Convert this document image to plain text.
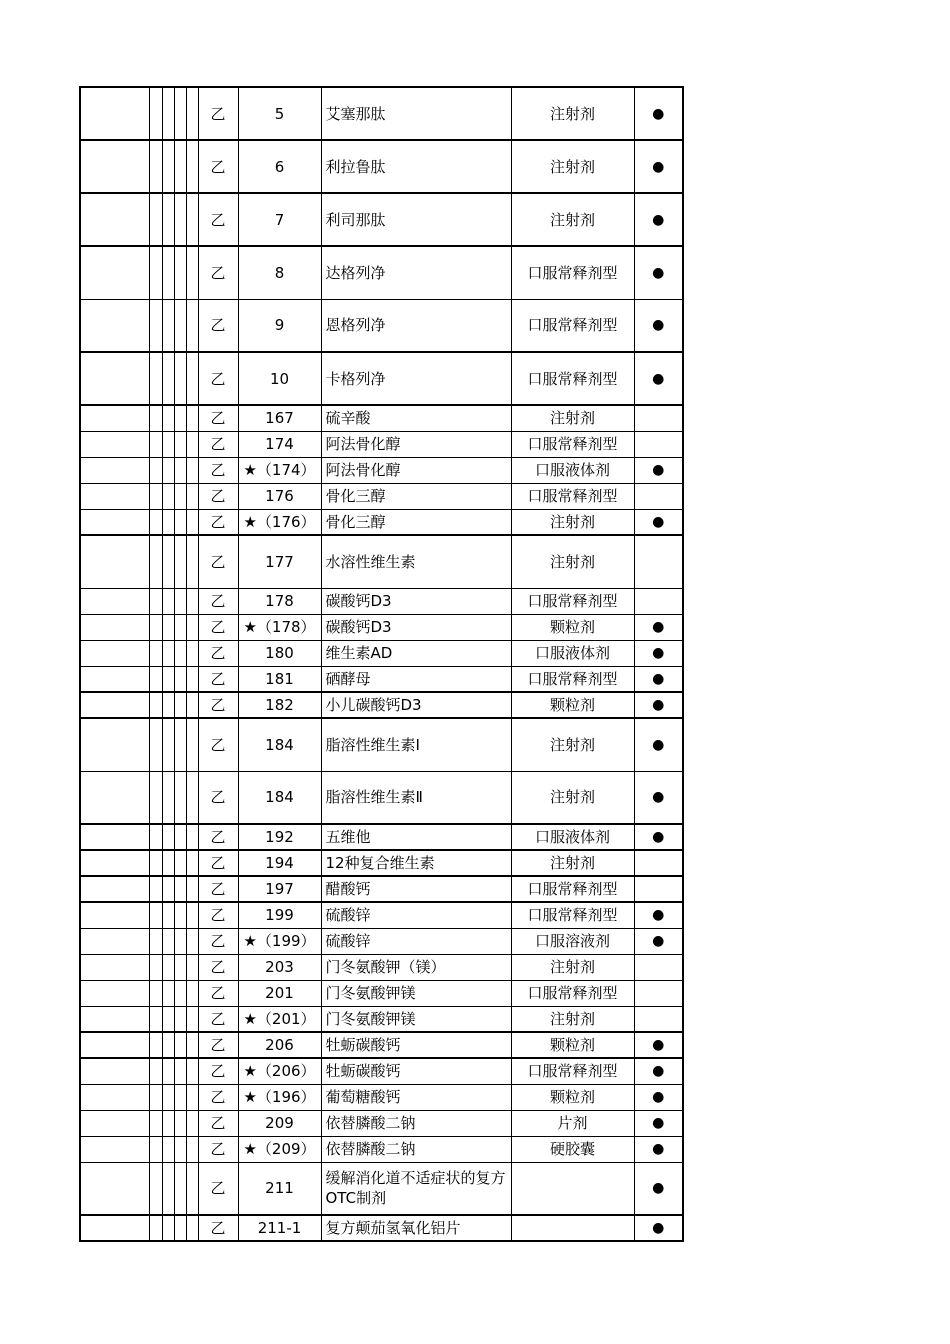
					乙	5	艾塞那肽	注射剂	●
					乙	6	利拉鲁肽	注射剂	●
					乙	7	利司那肽	注射剂	●
					乙	8	达格列净	口服常释剂型	●
					乙	9	恩格列净	口服常释剂型	●
					乙	10	卡格列净	口服常释剂型	●
					乙	167	硫辛酸	注射剂	
					乙	174	阿法骨化醇	口服常释剂型	
					乙	★（174）	阿法骨化醇	口服液体剂	●
					乙	176	骨化三醇	口服常释剂型	
					乙	★（176）	骨化三醇	注射剂	●
					乙	177	水溶性维生素	注射剂	
					乙	178	碳酸钙D3	口服常释剂型	
					乙	★（178）	碳酸钙D3	颗粒剂	●
					乙	180	维生素AD	口服液体剂	●
					乙	181	硒酵母	口服常释剂型	●
					乙	182	小儿碳酸钙D3	颗粒剂	●
					乙	184	脂溶性维生素Ⅰ	注射剂	●
					乙	184	脂溶性维生素Ⅱ	注射剂	●
					乙	192	五维他	口服液体剂	●
					乙	194	12种复合维生素	注射剂	
					乙	197	醋酸钙	口服常释剂型	
					乙	199	硫酸锌	口服常释剂型	●
					乙	★（199）	硫酸锌	口服溶液剂	●
					乙	203	门冬氨酸钾（镁）	注射剂	
					乙	201	门冬氨酸钾镁	口服常释剂型	
					乙	★（201）	门冬氨酸钾镁	注射剂	
					乙	206	牡蛎碳酸钙	颗粒剂	●
					乙	★（206）	牡蛎碳酸钙	口服常释剂型	●
					乙	★（196）	葡萄糖酸钙	颗粒剂	●
					乙	209	依替膦酸二钠	片剂	●
					乙	★（209）	依替膦酸二钠	硬胶囊	●
					乙	211	缓解消化道不适症状的复方OTC制剂		●
					乙	211-1	复方颠茄氢氧化铝片		●
